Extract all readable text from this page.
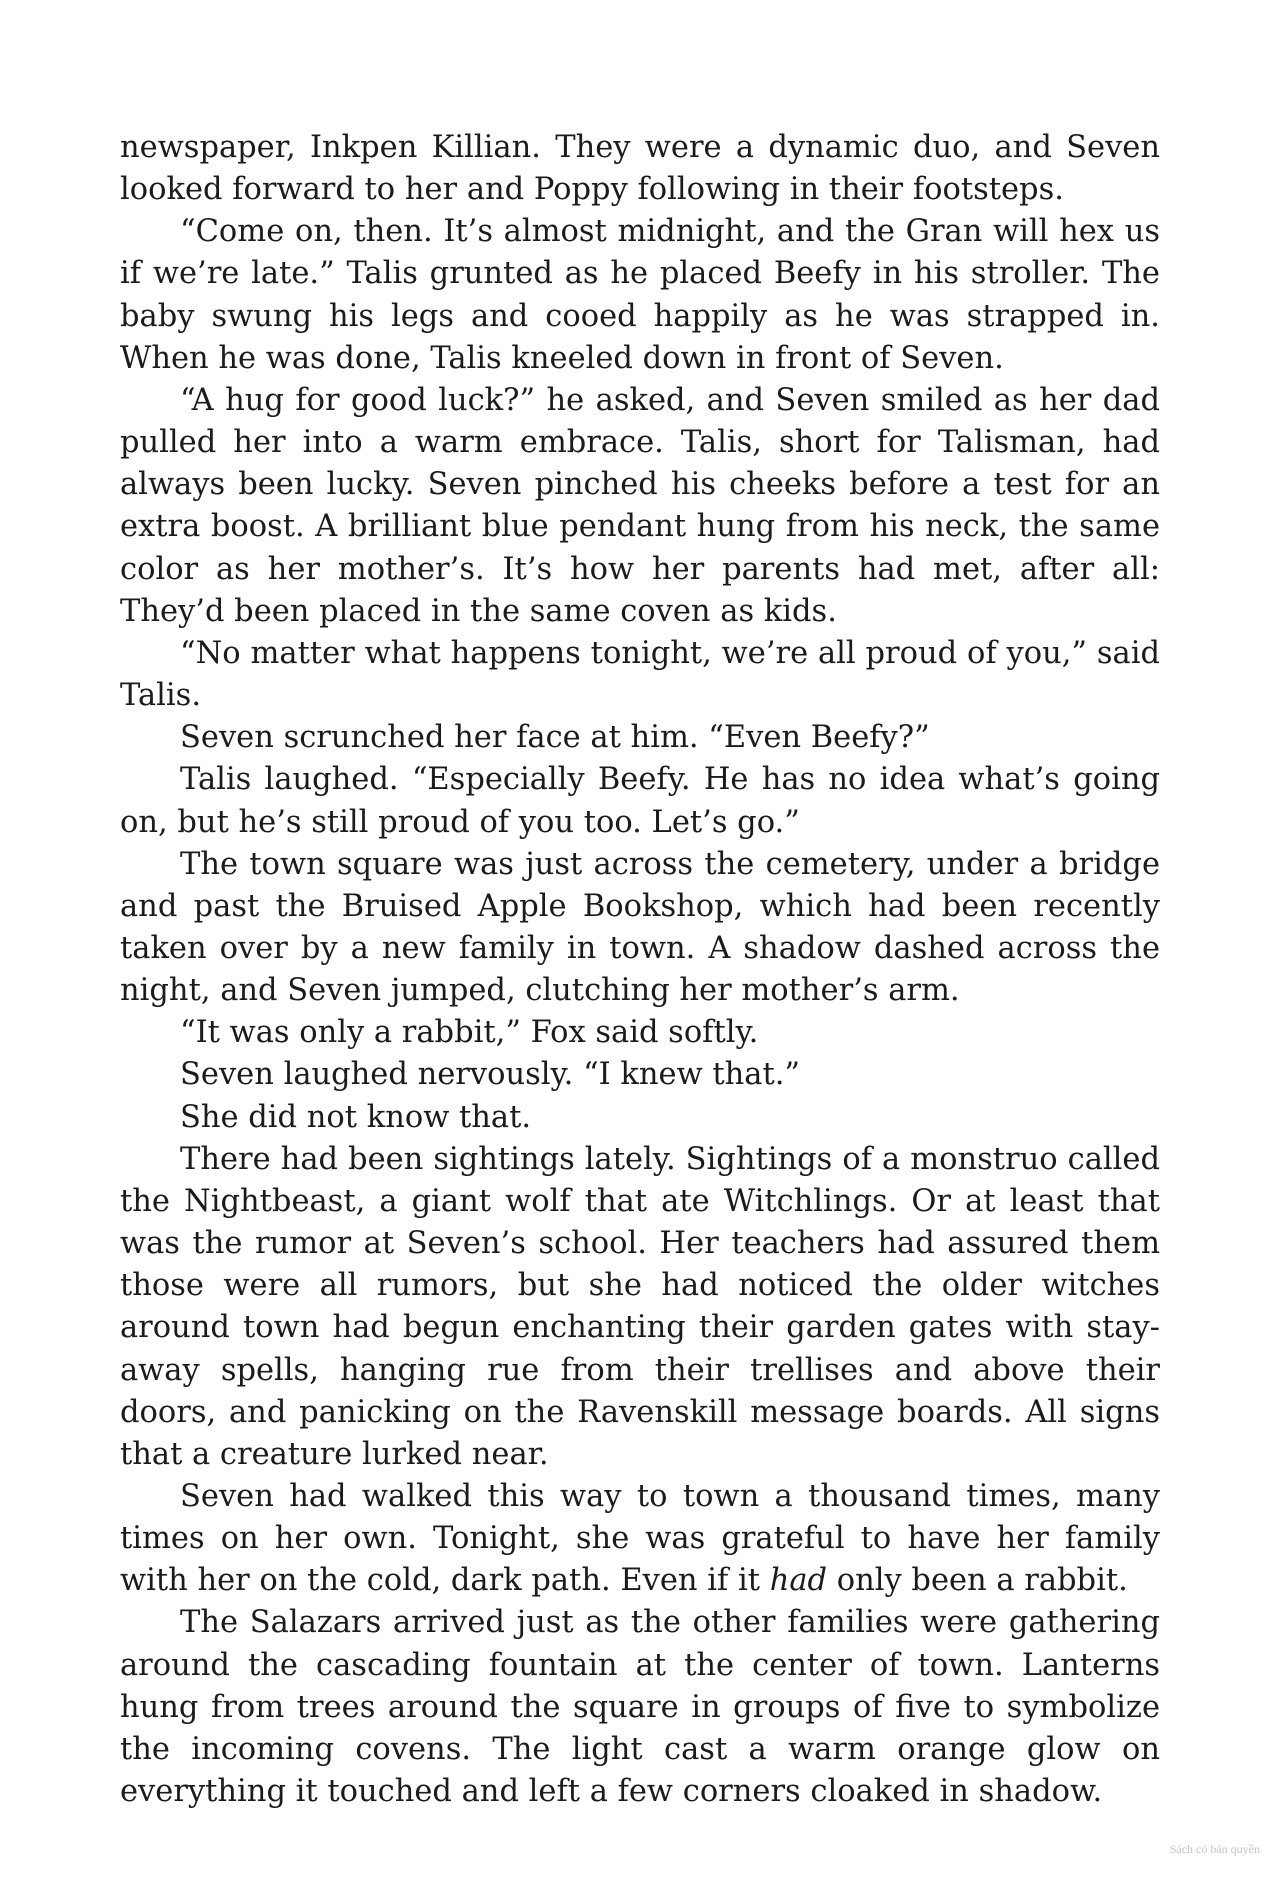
newspaper, Inkpen Killian. They were a dynamic duo, and Seven looked forward to her and Poppy following in their footsteps.

“Come on, then. It’s almost midnight, and the Gran will hex us if we’re late.” Talis grunted as he placed Beefy in his stroller. The baby swung his legs and cooed happily as he was strapped in. When he was done, Talis kneeled down in front of Seven.

“A hug for good luck?” he asked, and Seven smiled as her dad pulled her into a warm embrace. Talis, short for Talisman, had always been lucky. Seven pinched his cheeks before a test for an extra boost. A brilliant blue pendant hung from his neck, the same color as her mother’s. It’s how her parents had met, after all: They’d been placed in the same coven as kids.

“No matter what happens tonight, we’re all proud of you,” said Talis.

Seven scrunched her face at him. “Even Beefy?”

Talis laughed. “Especially Beefy. He has no idea what’s going on, but he’s still proud of you too. Let’s go.”

The town square was just across the cemetery, under a bridge and past the Bruised Apple Bookshop, which had been recently taken over by a new family in town. A shadow dashed across the night, and Seven jumped, clutching her mother’s arm.

“It was only a rabbit,” Fox said softly.

Seven laughed nervously. “I knew that.”

She did not know that.

There had been sightings lately. Sightings of a monstruo called the Nightbeast, a giant wolf that ate Witchlings. Or at least that was the rumor at Seven’s school. Her teachers had assured them those were all rumors, but she had noticed the older witches around town had begun enchanting their garden gates with stay-away spells, hanging rue from their trellises and above their doors, and panicking on the Ravenskill message boards. All signs that a creature lurked near.

Seven had walked this way to town a thousand times, many times on her own. Tonight, she was grateful to have her family with her on the cold, dark path. Even if it had only been a rabbit.

The Salazars arrived just as the other families were gathering around the cascading fountain at the center of town. Lanterns hung from trees around the square in groups of five to symbolize the incoming covens. The light cast a warm orange glow on everything it touched and left a few corners cloaked in shadow.

Sách có bản quyền
